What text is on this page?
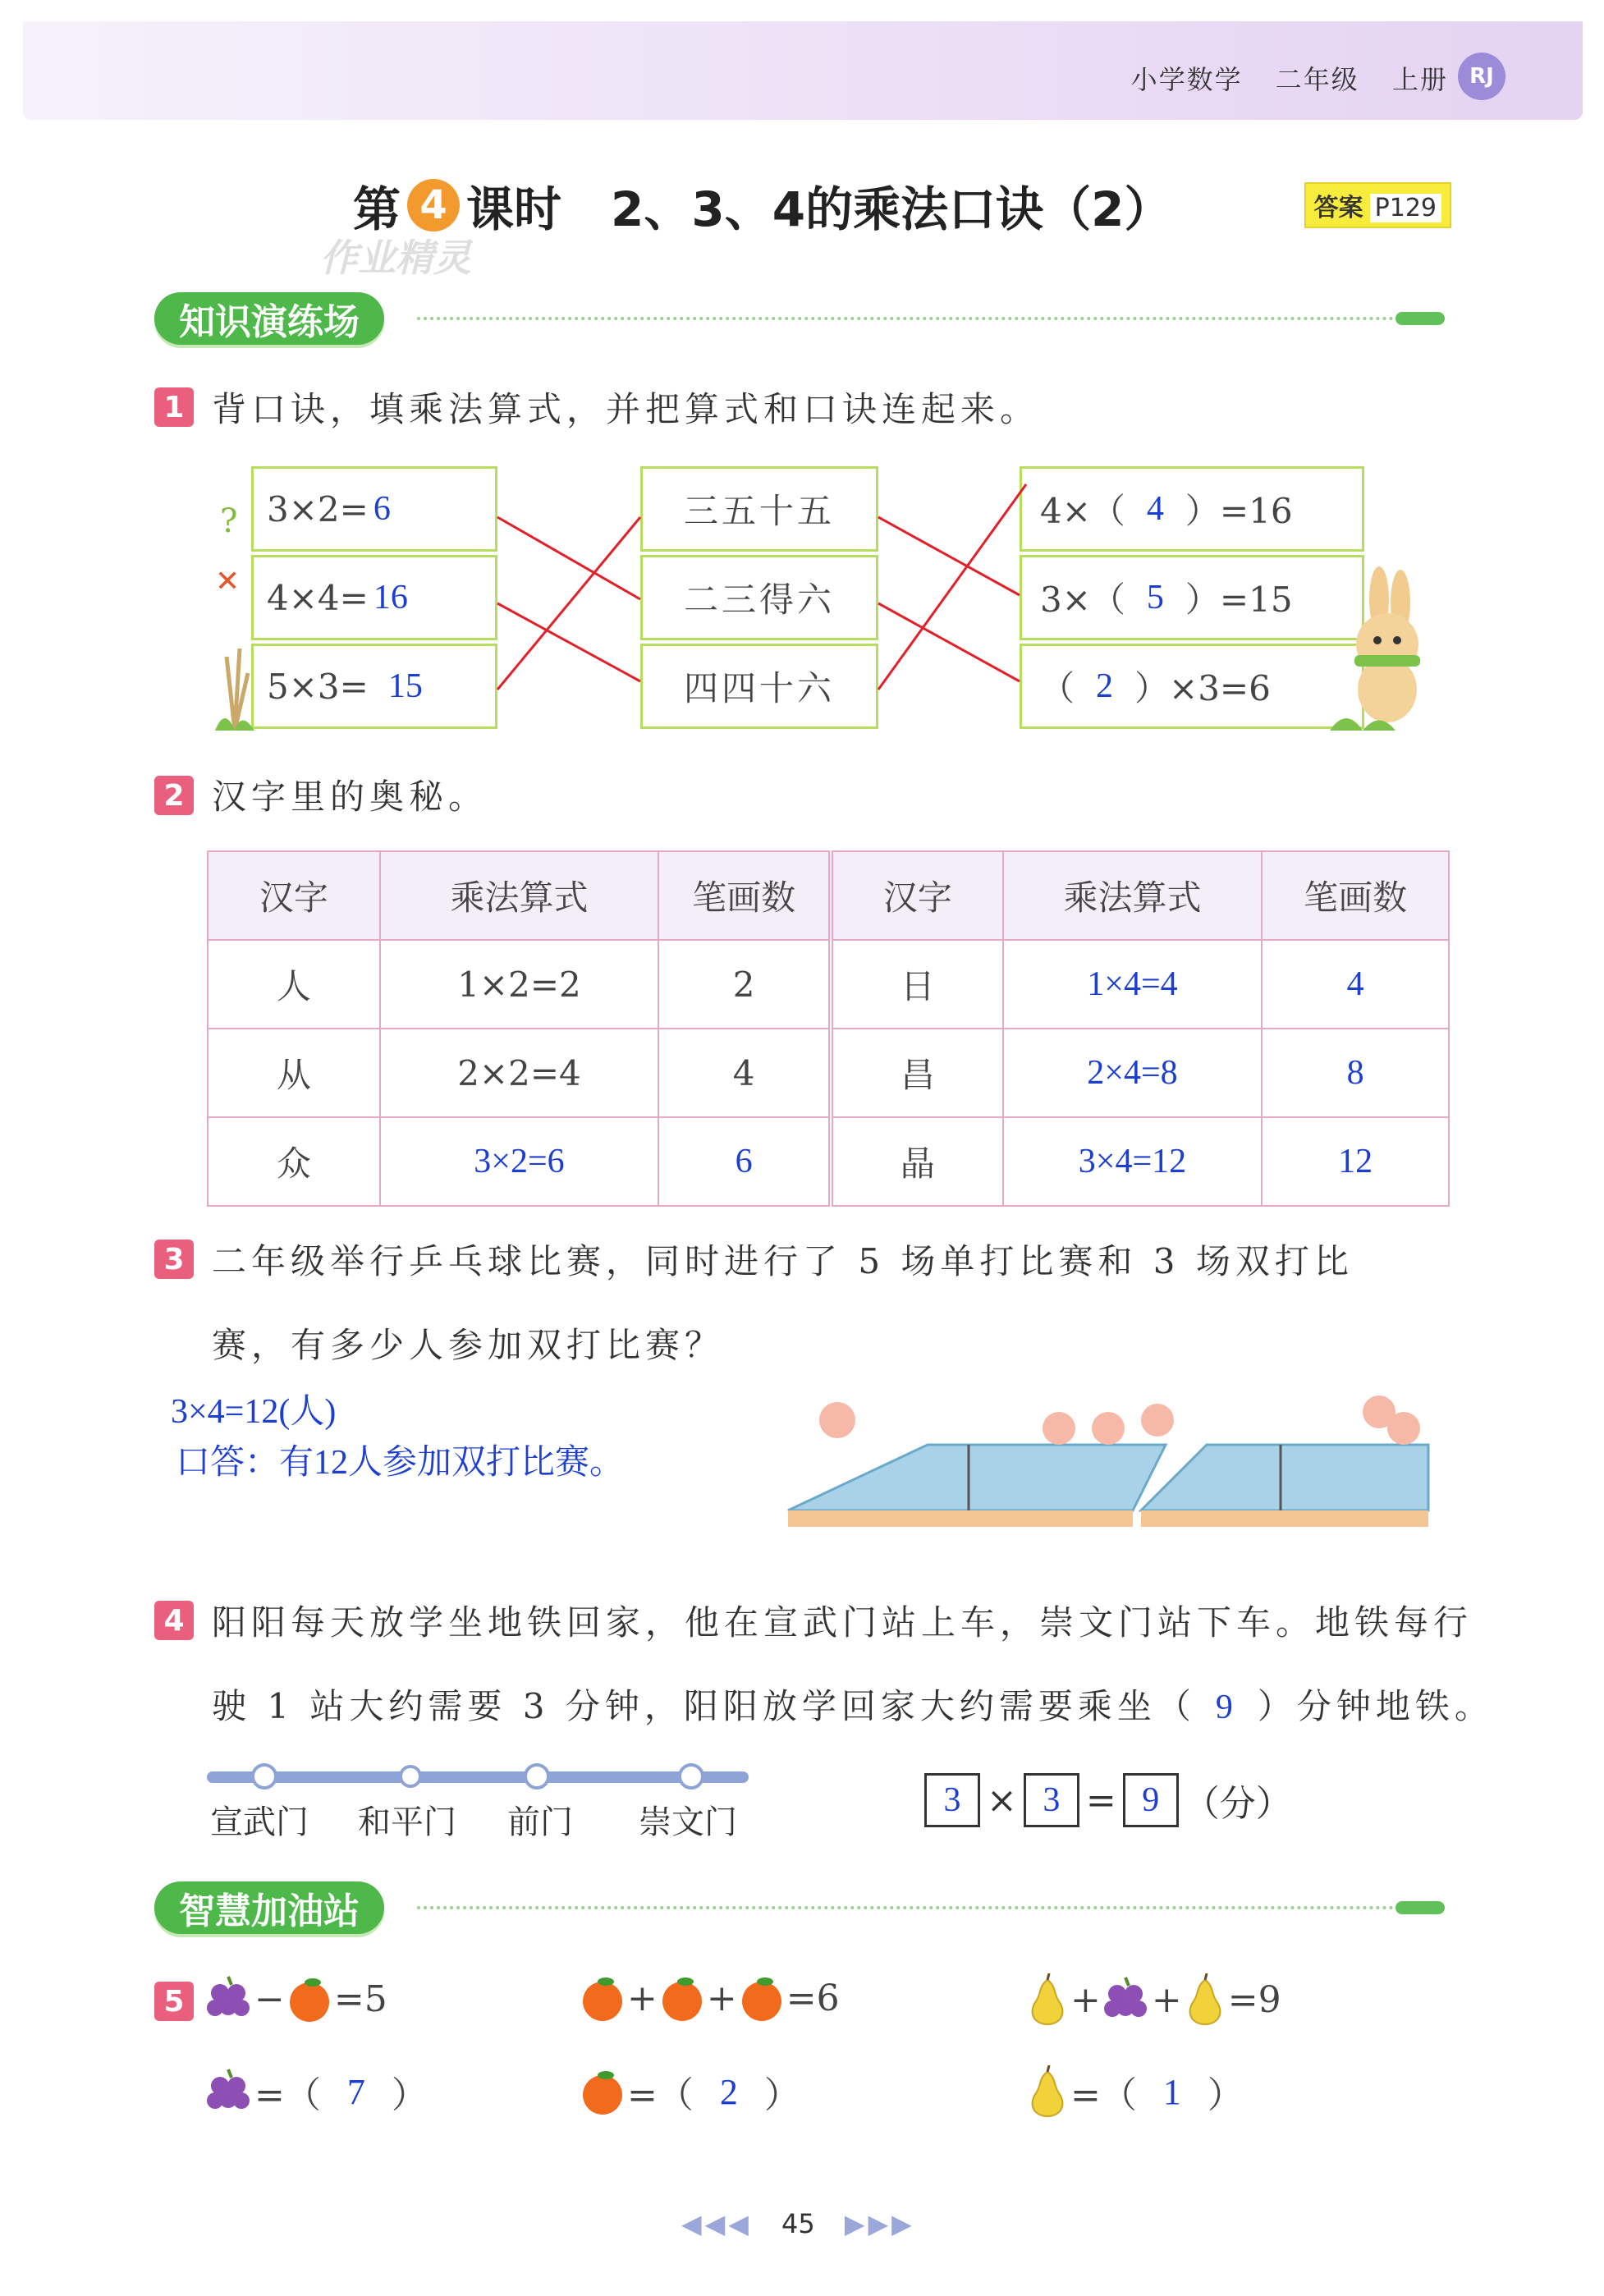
小学数学 二年级 上册	RJ
第 4 课时 2、3、4的乘法口诀（2）	答案 P129
作业精灵
知识演练场
1 背口诀，填乘法算式，并把算式和口诀连起来。
3×2= 6
4×4= 16
5×3= 15
三五十五
二三得六
四四十六
4×（ 4 ）=16
3×（ 5 ）=15
（ 2 ）×3=6
?
✕
2 汉字里的奥秘。
汉字	乘法算式	笔画数	汉字	乘法算式	笔画数
人	1×2=2	2	日	1×4=4	4
从	2×2=4	4	昌	2×4=8	8
众	3×2=6	6	晶	3×4=12	12
3 二年级举行乒乓球比赛，同时进行了 5 场单打比赛和 3 场双打比
赛，有多少人参加双打比赛？
3×4=12(人)
口答：有12人参加双打比赛。
4 阳阳每天放学坐地铁回家，他在宣武门站上车，崇文门站下车。地铁每行
驶 1 站大约需要 3 分钟，阳阳放学回家大约需要乘坐（ 9 ）分钟地铁。
宣武门 和平门 前门 崇文门
3 × 3 = 9 （分）
智慧加油站
5 − =5
=（ 7 ）
+ + =6
=（ 2 ）
+ + =9
=（ 1 ）
◀◀◀ 45 ▶▶▶
